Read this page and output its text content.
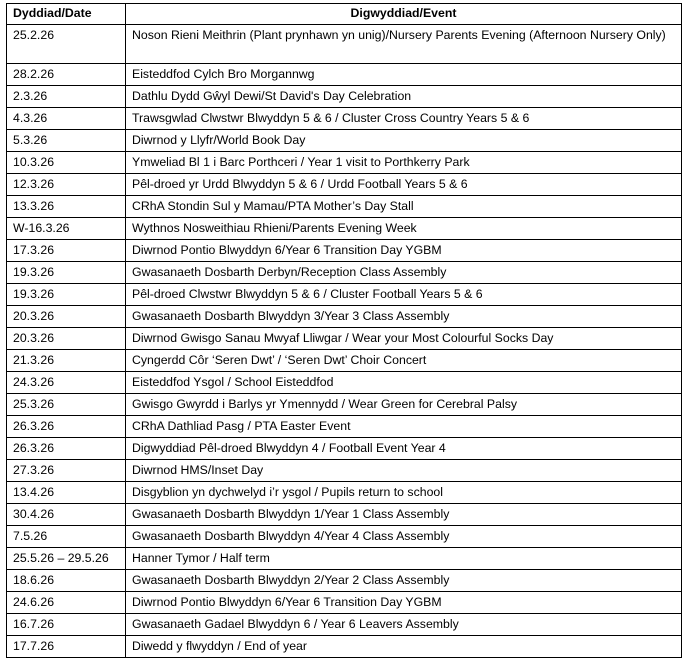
Dyddiad/Date	Digwyddiad/Event
25.2.26	Noson Rieni Meithrin (Plant prynhawn yn unig)/Nursery Parents Evening (Afternoon Nursery Only)
28.2.26	Eisteddfod Cylch Bro Morgannwg
2.3.26	Dathlu Dydd Gŵyl Dewi/St David's Day Celebration
4.3.26	Trawsgwlad Clwstwr Blwyddyn 5 & 6 / Cluster Cross Country Years 5 & 6
5.3.26	Diwrnod y Llyfr/World Book Day
10.3.26	Ymweliad Bl 1 i Barc Porthceri / Year 1 visit to Porthkerry Park
12.3.26	Pêl-droed yr Urdd Blwyddyn 5 & 6 / Urdd Football Years 5 & 6
13.3.26	CRhA Stondin Sul y Mamau/PTA Mother’s Day Stall
W-16.3.26	Wythnos Nosweithiau Rhieni/Parents Evening Week
17.3.26	Diwrnod Pontio Blwyddyn 6/Year 6 Transition Day YGBM
19.3.26	Gwasanaeth Dosbarth Derbyn/Reception Class Assembly
19.3.26	Pêl-droed Clwstwr Blwyddyn 5 & 6 / Cluster Football Years 5 & 6
20.3.26	Gwasanaeth Dosbarth Blwyddyn 3/Year 3 Class Assembly
20.3.26	Diwrnod Gwisgo Sanau Mwyaf Lliwgar / Wear your Most Colourful Socks Day
21.3.26	Cyngerdd Côr ‘Seren Dwt’ / ‘Seren Dwt’ Choir Concert
24.3.26	Eisteddfod Ysgol / School Eisteddfod
25.3.26	Gwisgo Gwyrdd i Barlys yr Ymennydd / Wear Green for Cerebral Palsy
26.3.26	CRhA Dathliad Pasg / PTA Easter Event
26.3.26	Digwyddiad Pêl-droed Blwyddyn 4 / Football Event Year 4
27.3.26	Diwrnod HMS/Inset Day
13.4.26	Disgyblion yn dychwelyd i’r ysgol / Pupils return to school
30.4.26	Gwasanaeth Dosbarth Blwyddyn 1/Year 1 Class Assembly
7.5.26	Gwasanaeth Dosbarth Blwyddyn 4/Year 4 Class Assembly
25.5.26 – 29.5.26	Hanner Tymor / Half term
18.6.26	Gwasanaeth Dosbarth Blwyddyn 2/Year 2 Class Assembly
24.6.26	Diwrnod Pontio Blwyddyn 6/Year 6 Transition Day YGBM
16.7.26	Gwasanaeth Gadael Blwyddyn 6 / Year 6 Leavers Assembly
17.7.26	Diwedd y flwyddyn / End of year
